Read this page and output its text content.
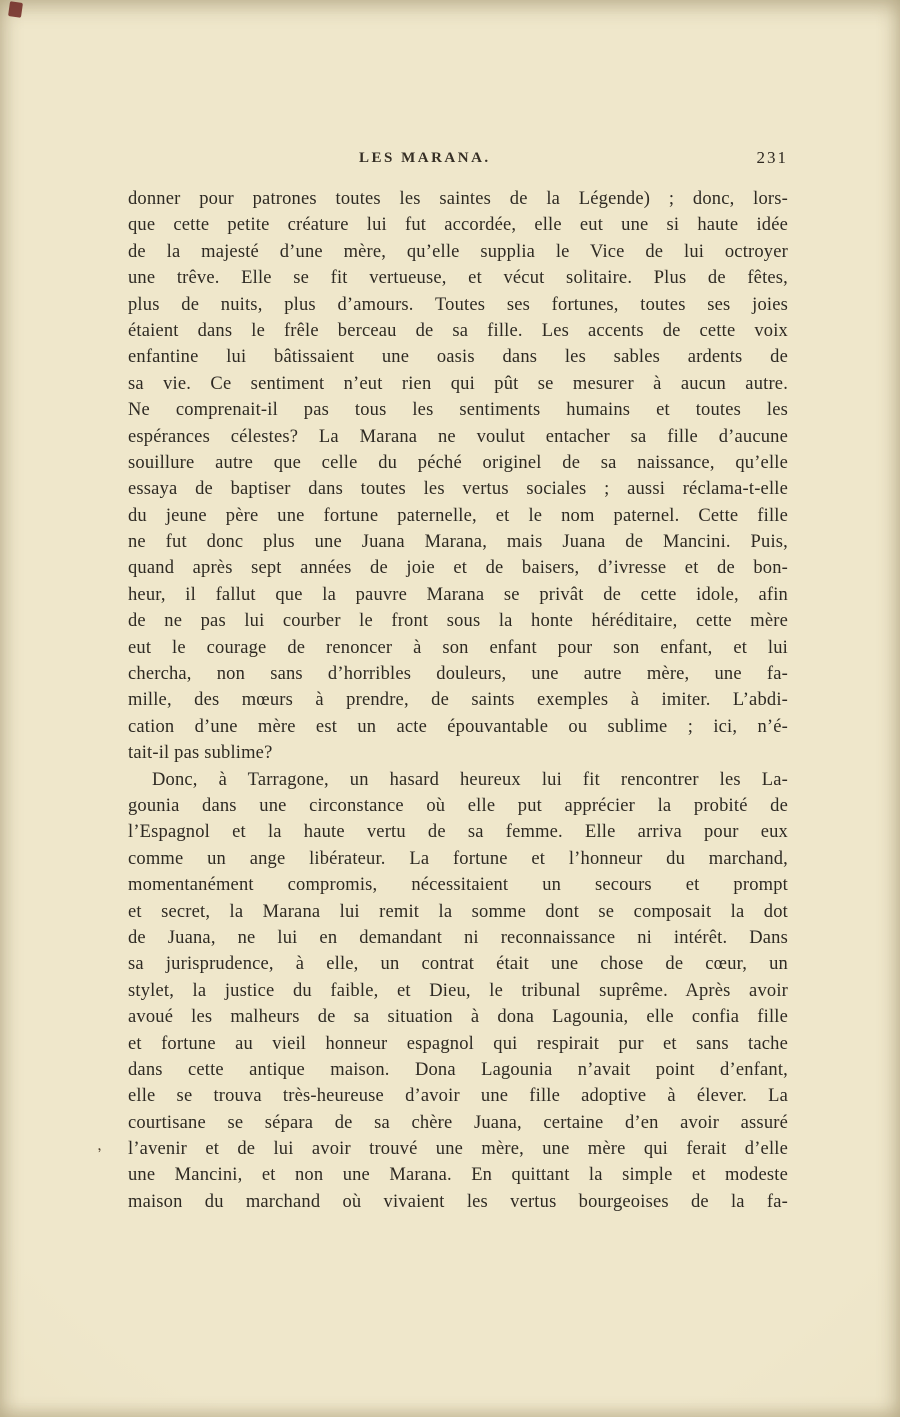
’
LES MARANA.	231
donner pour patrones toutes les saintes de la Légende) ; donc, lors-
que cette petite créature lui fut accordée, elle eut une si haute idée
de la majesté d’une mère, qu’elle supplia le Vice de lui octroyer
une trêve. Elle se fit vertueuse, et vécut solitaire. Plus de fêtes,
plus de nuits, plus d’amours. Toutes ses fortunes, toutes ses joies
étaient dans le frêle berceau de sa fille. Les accents de cette voix
enfantine lui bâtissaient une oasis dans les sables ardents de
sa vie. Ce sentiment n’eut rien qui pût se mesurer à aucun autre.
Ne comprenait-il pas tous les sentiments humains et toutes les
espérances célestes? La Marana ne voulut entacher sa fille d’aucune
souillure autre que celle du péché originel de sa naissance, qu’elle
essaya de baptiser dans toutes les vertus sociales ; aussi réclama-t-elle
du jeune père une fortune paternelle, et le nom paternel. Cette fille
ne fut donc plus une Juana Marana, mais Juana de Mancini. Puis,
quand après sept années de joie et de baisers, d’ivresse et de bon-
heur, il fallut que la pauvre Marana se privât de cette idole, afin
de ne pas lui courber le front sous la honte héréditaire, cette mère
eut le courage de renoncer à son enfant pour son enfant, et lui
chercha, non sans d’horribles douleurs, une autre mère, une fa-
mille, des mœurs à prendre, de saints exemples à imiter. L’abdi-
cation d’une mère est un acte épouvantable ou sublime ; ici, n’é-
tait-il pas sublime?
Donc, à Tarragone, un hasard heureux lui fit rencontrer les La-
gounia dans une circonstance où elle put apprécier la probité de
l’Espagnol et la haute vertu de sa femme. Elle arriva pour eux
comme un ange libérateur. La fortune et l’honneur du marchand,
momentanément compromis, nécessitaient un secours et prompt
et secret, la Marana lui remit la somme dont se composait la dot
de Juana, ne lui en demandant ni reconnaissance ni intérêt. Dans
sa jurisprudence, à elle, un contrat était une chose de cœur, un
stylet, la justice du faible, et Dieu, le tribunal suprême. Après avoir
avoué les malheurs de sa situation à dona Lagounia, elle confia fille
et fortune au vieil honneur espagnol qui respirait pur et sans tache
dans cette antique maison. Dona Lagounia n’avait point d’enfant,
elle se trouva très-heureuse d’avoir une fille adoptive à élever. La
courtisane se sépara de sa chère Juana, certaine d’en avoir assuré
l’avenir et de lui avoir trouvé une mère, une mère qui ferait d’elle
une Mancini, et non une Marana. En quittant la simple et modeste
maison du marchand où vivaient les vertus bourgeoises de la fa-
